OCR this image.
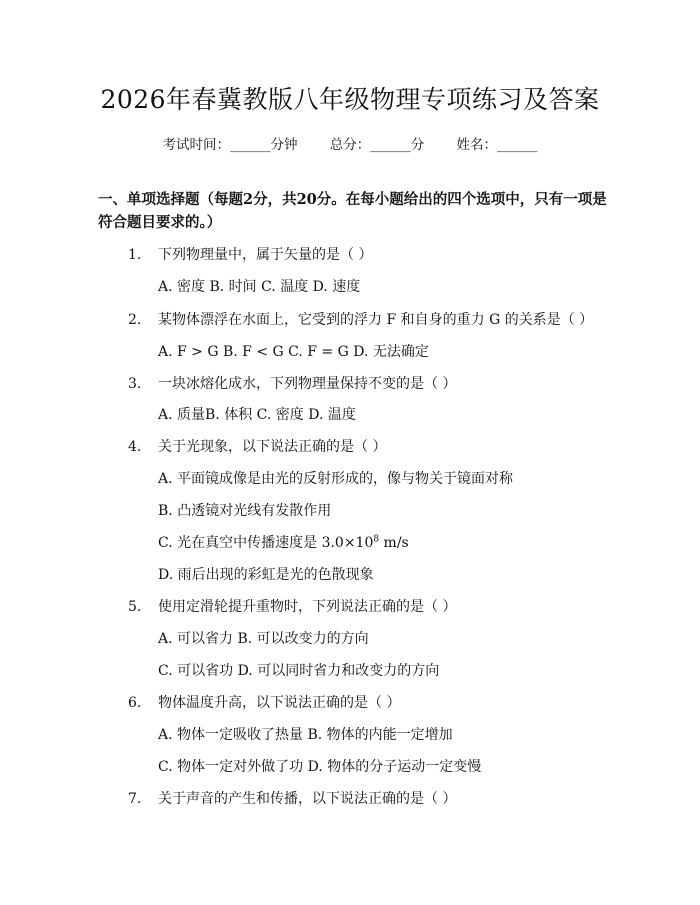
2026年春冀教版八年级物理专项练习及答案
考试时间：______分钟 总分：______分 姓名：______
一、单项选择题（每题2分，共20分。在每小题给出的四个选项中，只有一项是符合题目要求的。）
1. 下列物理量中，属于矢量的是（ ）
A. 密度 B. 时间 C. 温度 D. 速度
2. 某物体漂浮在水面上，它受到的浮力 F 和自身的重力 G 的关系是（ ）
A. F > G B. F < G C. F = G D. 无法确定
3. 一块冰熔化成水，下列物理量保持不变的是（ ）
A. 质量B. 体积 C. 密度 D. 温度
4. 关于光现象，以下说法正确的是（ ）
A. 平面镜成像是由光的反射形成的，像与物关于镜面对称
B. 凸透镜对光线有发散作用
C. 光在真空中传播速度是 $3.0\times 10^8$ m/s
D. 雨后出现的彩虹是光的色散现象
5. 使用定滑轮提升重物时，下列说法正确的是（ ）
A. 可以省力 B. 可以改变力的方向
C. 可以省功 D. 可以同时省力和改变力的方向
6. 物体温度升高，以下说法正确的是（ ）
A. 物体一定吸收了热量 B. 物体的内能一定增加
C. 物体一定对外做了功 D. 物体的分子运动一定变慢
7. 关于声音的产生和传播，以下说法正确的是（ ）
